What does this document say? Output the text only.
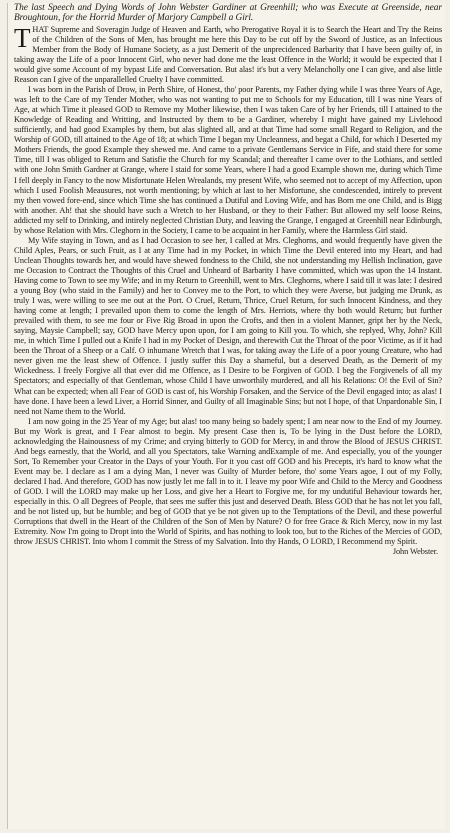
The last Speech and Dying Words of John Webster Gardiner at Greenhill; who was Execute at Greenside, near Broughtoun, for the Horrid Murder of Marjory Campbell a Girl.

THAT Supreme and Soveragin Judge of Heaven and Earth, who Prerogative Royal it is to Search the Heart and Try the Reins of the Children of the Sons of Men, has brought me here this Day to be cut off by the Sword of Justice, as an Infectious Member from the Body of Humane Society, as a just Demerit of the unprecidenced Barbarity that I have been guilty of, in taking away the Life of a poor Innocent Girl, who never had done me the least Offence in the World; it would be expected that I would give some Account of my bypast Life and Conversation. But alas! it's but a very Melancholly one I can give, and alse little Reason can I give of the unparallelled Cruelty I have committed.

I was born in the Parish of Drow, in Perth Shire, of Honest, tho' poor Parents, my Father dying while I was three Years of Age, was left to the Care of my Tender Mother, who was not wanting to put me to Schools for my Education, till I was nine Years of Age, at which Time it pleased GOD to Remove my Mother likewise, then I was taken Care of by her Friends, till I attained to the Knowledge of Reading and Writting, and Instructed by them to be a Gardiner, whereby I might have gained my Livlehood sufficiently, and had good Examples by them, but alas slighted all, and at that Time had some small Regard to Religion, and the Worship of GOD, till attained to the Age of 18; at which Time I began my Uncleanness, and begat a Child, for which I Deserted my Mothers Friends, the good Example they shewed me. And came to a private Gentlemans Service in Fife, and staid there for some Time, till I was obliged to Return and Satisfie the Church for my Scandal; and thereafter I came over to the Lothians, and settled with one John Smith Gardner at Grange, where I staid for some Years, where I had a good Example shown me, during which Time I fell deeply in Fancy to the now Misfortunate Helen Wrealands, my present Wife, who seemed not to accept of my Affection, upon which I used Foolish Meausures, not worth mentioning; by which at last to her Misfortune, she condescended, intirely to prevent my then vowed fore-end, since which Time she has continued a Dutiful and Loving Wife, and has Born me one Child, and is Bigg with another. Ah! that she should have such a Wretch to her Husband, or they to their Father: But allowed my self loose Reins, addicted my self to Drinking, and intirely neglected Christian Duty, and leaving the Grange, I engaged at Greenhill near Edinburgh, by whose Relation with Mrs. Cleghorn in the Society, I came to be acquaint in her Family, where the Harmless Girl staid.

My Wife staying in Town, and as I had Occasion to see her, I called at Mrs. Cleghorns, and would frequently have given the Child Aples, Pears, or such Fruit, as I at any Time had in my Pocket, in which Time the Devil entered into my Heart, and had Unclean Thoughts towards her, and would have shewed fondness to the Child, she not understanding my Hellish Inclination, gave me Occasion to Contract the Thoughts of this Cruel and Unheard of Barbarity I have committed, which was upon the 14 Instant. Having come to Town to see my Wife; and in my Return to Greenhill, went to Mrs. Cleghorns, where I said till it was late: I desired a young Boy (who staid in the Family) and her to Convey me to the Port, to which they were Averse, but judging me Drunk, as truly I was, were willing to see me out at the Port. O Cruel, Return, Thrice, Cruel Return, for such Innocent Kindness, and they having come at length; I prevailed upon them to come the length of Mrs. Herriots, where thy both would Return; but further prevailed with them, to see me four or Five Rig Broad in upon the Crofts, and then in a violent Manner, gript her by the Neck, saying, Maysie Campbell; say, GOD have Mercy upon upon, for I am going to Kill you. To which, she replyed, Why, John? Kill me, in which Time I pulled out a Knife I had in my Pocket of Design, and therewith Cut the Throat of the poor Victime, as if it had been the Throat of a Sheep or a Calf. O inhumane Wretch that I was, for taking away the Life of a poor young Creature, who had never given me the least shew of Offence. I justly suffer this Day a shameful, but a deserved Death, as the Demerit of my Wickedness. I freely Forgive all that ever did me Offence, as I Desire to be Forgiven of GOD. I beg the Forgivenels of all my Spectators; and especially of that Gentleman, whose Child I have unworthily murdered, and all his Relations: O! the Evil of Sin? What can be expected; when all Fear of GOD is cast of, his Worship Forsaken, and the Service of the Devil engaged into; as alas! I have done. I have been a lewd Liver, a Horrid Sinner, and Guilty of all Imaginable Sins; but not I hope, of that Unpardonable Sin, I need not Name them to the World.

I am now going in the 25 Year of my Age; but alas! too many being so badely spent; I am near now to the End of my Journey. But my Work is great, and I Fear almost to begin. My present Case then is, To be lying in the Dust before the LORD, acknowledging the Hainousness of my Crime; and crying bitterly to GOD for Mercy, in and throw the Blood of JESUS CHRIST. And begs earnestly, that the World, and all you Spectators, take Warning andExample of me. And especially, you of the younger Sort, To Remember your Creator in the Days of your Youth. For it you cast off GOD and his Precepts, it's hard to know what the Event may be. I declare as I am a dying Man, I never was Guilty of Murder before, tho' some Years agoe, I out of my Folly, declared I had. And therefore, GOD has now justly let me fall in to it. I leave my poor Wife and Child to the Mercy and Goodness of GOD. I will the LORD may make up her Loss, and give her a Heart to Forgive me, for my undutiful Behaviour towards her, especially in this. O all Degrees of People, that sees me suffer this just and deserved Death. Bless GOD that he has not let you fall, and be not listed up, but be humble; and beg of GOD that ye be not given up to the Temptations of the Devil, and these powerful Corruptions that dwell in the Heart of the Children of the Son of Men by Nature? O for free Grace & Rich Mercy, now in my last Extremity. Now I'm going to Dropt into the World of Spirits, and has nothing to look too, but to the Riches of the Mercies of GOD, throw JESUS CHRIST. Into whom I commit the Stress of my Salvation. Into thy Hands, O LORD, I Recommend my Spirit.

John Webster.
